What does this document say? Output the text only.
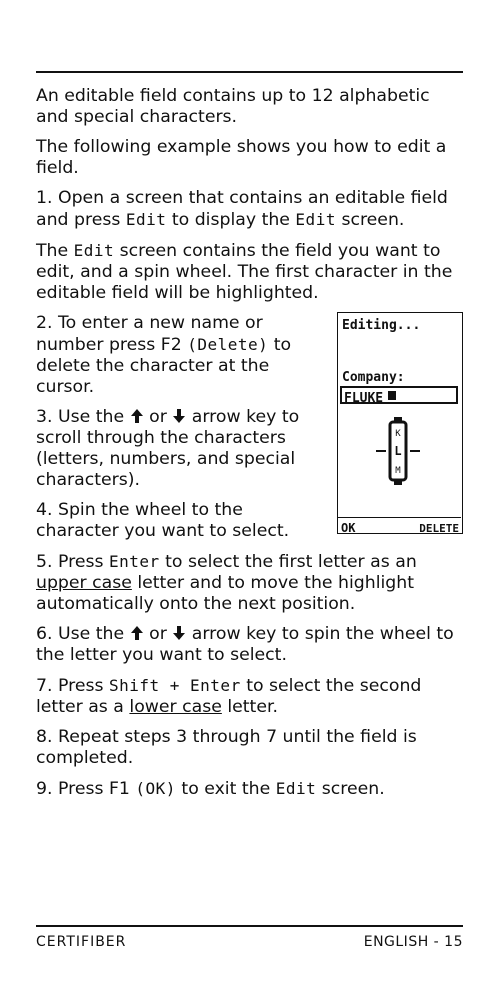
An editable field contains up to 12 alphabetic and special characters.

The following example shows you how to edit a field.

1. Open a screen that contains an editable field and press Edit to display the Edit screen.

The Edit screen contains the field you want to edit, and a spin wheel. The first character in the editable field will be highlighted.

2. To enter a new name or number press F2 (Delete) to delete the character at the cursor.

3. Use the  or  arrow key to scroll through the characters (letters, numbers, and special characters).

4. Spin the wheel to the character you want to select.

Editing...
Company:
FLUKE
K
L
M
OK	DELETE

5. Press Enter to select the first letter as an upper case letter and to move the highlight automatically onto the next position.

6. Use the  or  arrow key to spin the wheel to the letter you want to select.

7. Press Shift + Enter to select the second letter as a lower case letter.

8. Repeat steps 3 through 7 until the field is completed.

9. Press F1 (OK) to exit the Edit screen.

CERTIFIBER	ENGLISH - 15
